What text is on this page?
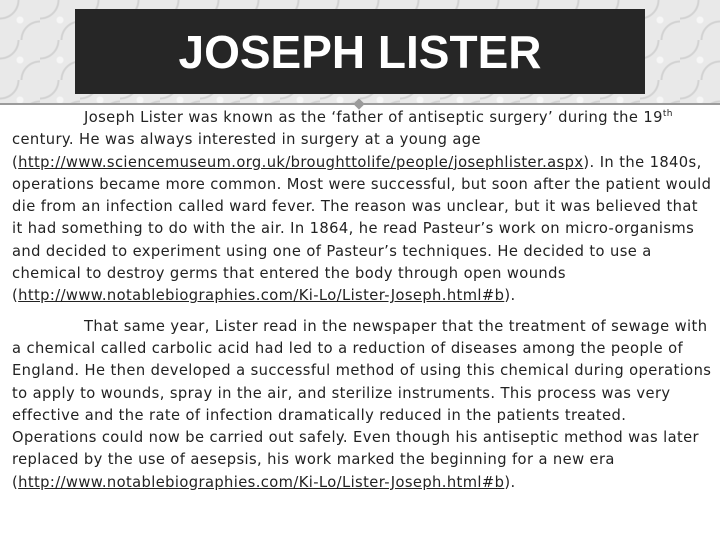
JOSEPH LISTER

Joseph Lister was known as the ‘father of antiseptic surgery’ during the 19th century. He was always interested in surgery at a young age (http://www.sciencemuseum.org.uk/broughttolife/people/josephlister.aspx). In the 1840s, operations became more common. Most were successful, but soon after the patient would die from an infection called ward fever. The reason was unclear, but it was believed that it had something to do with the air. In 1864, he read Pasteur’s work on micro-organisms and decided to experiment using one of Pasteur’s techniques. He decided to use a chemical to destroy germs that entered the body through open wounds (http://www.notablebiographies.com/Ki-Lo/Lister-Joseph.html#b).

That same year, Lister read in the newspaper that the treatment of sewage with a chemical called carbolic acid had led to a reduction of diseases among the people of England. He then developed a successful method of using this chemical during operations to apply to wounds, spray in the air, and sterilize instruments. This process was very effective and the rate of infection dramatically reduced in the patients treated. Operations could now be carried out safely. Even though his antiseptic method was later replaced by the use of aesepsis, his work marked the beginning for a new era (http://www.notablebiographies.com/Ki-Lo/Lister-Joseph.html#b).
